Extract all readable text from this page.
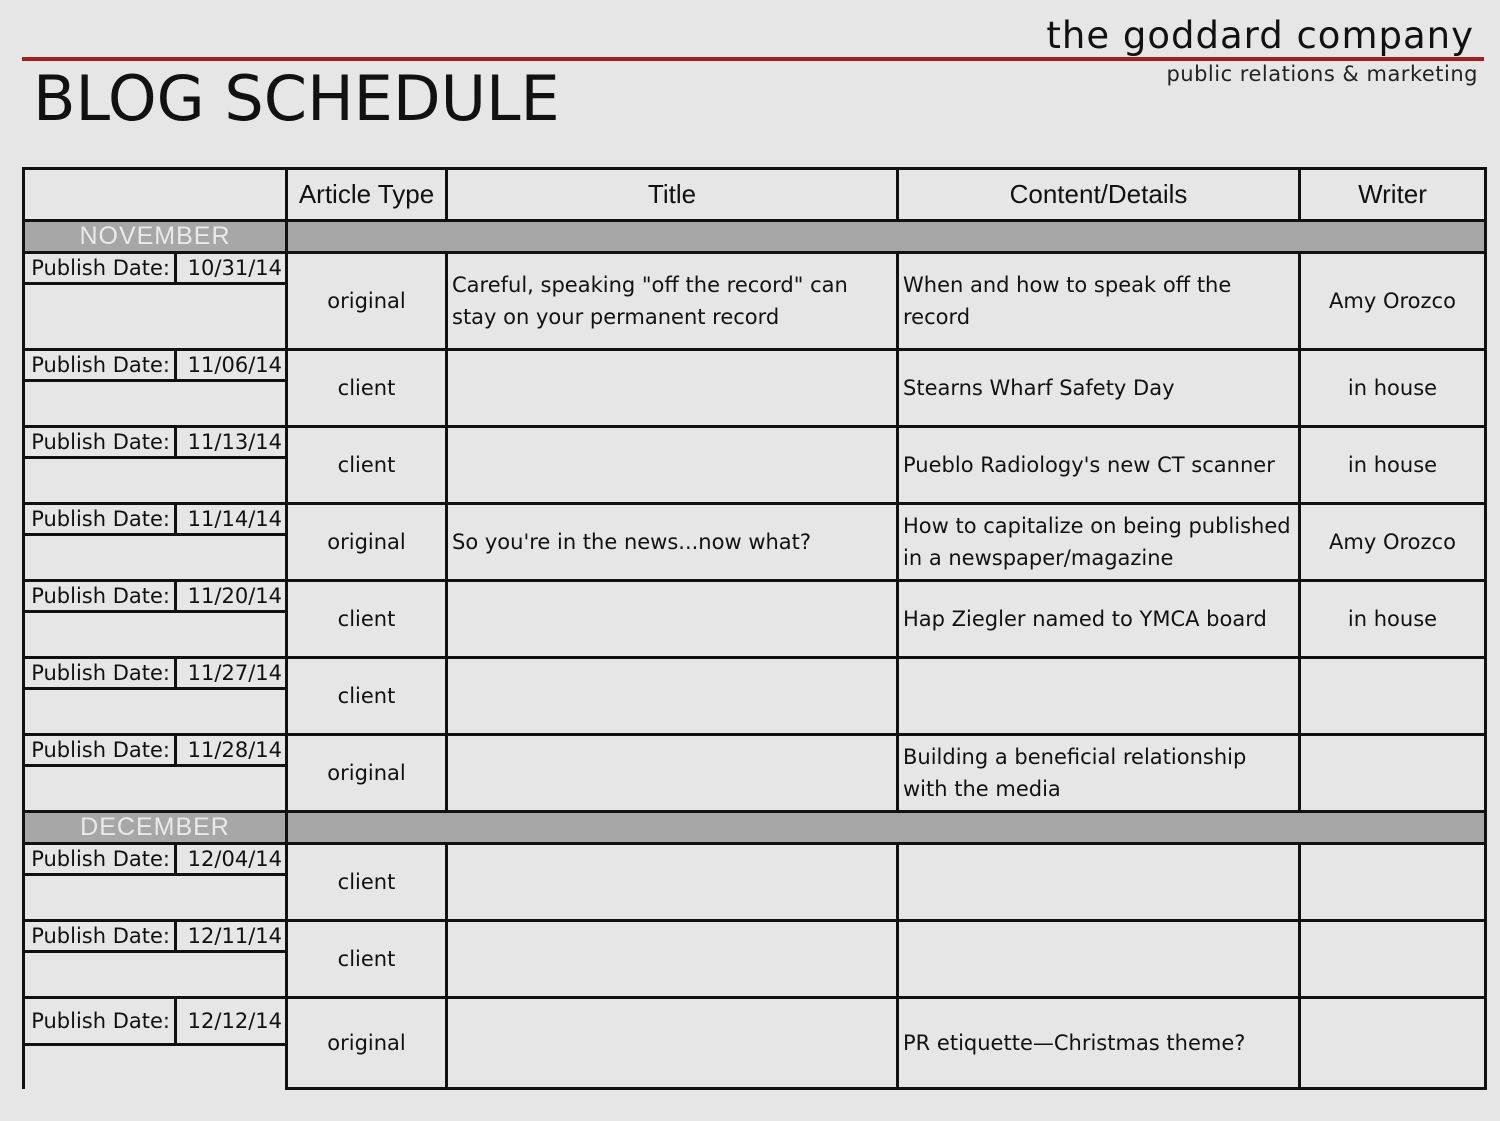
the goddard company
public relations & marketing
BLOG SCHEDULE
	Article Type	Title	Content/Details	Writer
NOVEMBER				

Publish Date: 10/31/14	original	Careful, speaking "off the record" can stay on your permanent record	When and how to speak off the record	Amy Orozco

Publish Date: 11/06/14	client		Stearns Wharf Safety Day	in house

Publish Date: 11/13/14	client		Pueblo Radiology's new CT scanner	in house

Publish Date: 11/14/14	original	So you're in the news...now what?	How to capitalize on being published in a newspaper/magazine	Amy Orozco

Publish Date: 11/20/14	client		Hap Ziegler named to YMCA board	in house

Publish Date: 11/27/14	client			

Publish Date: 11/28/14	original		Building a beneficial relationship with the media	
DECEMBER				

Publish Date: 12/04/14	client			

Publish Date: 12/11/14	client			

Publish Date: 12/12/14	original		PR etiquette—Christmas theme?	
